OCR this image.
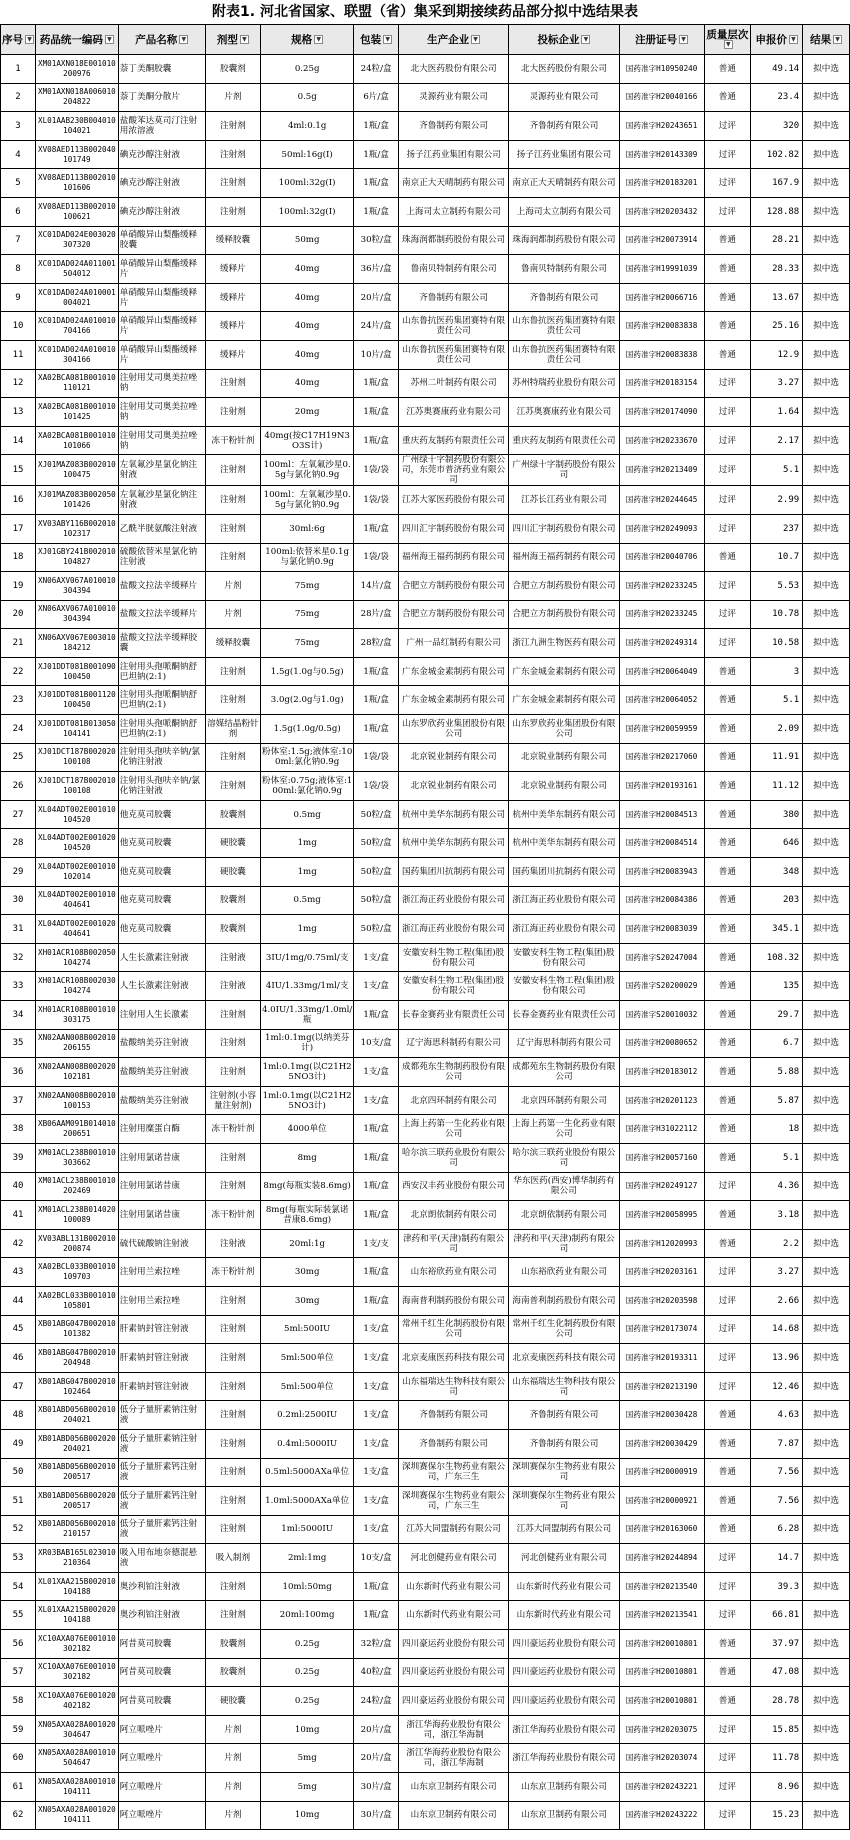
附表1. 河北省国家、联盟（省）集采到期接续药品部分拟中选结果表
序号 ▼	药品统一编码 ▼	产品名称 ▼	剂型 ▼	规格 ▼	包装 ▼	生产企业 ▼	投标企业 ▼	注册证号 ▼	质量层次▼	申报价 ▼	结果 ▼
1	XM01AXN018E001010200976	萘丁美酮胶囊	胶囊剂	0.25g	24粒/盒	北大医药股份有限公司	北大医药股份有限公司	国药准字H10950240	普通	49.14	拟中选
2	XM01AXN018A006010204822	萘丁美酮分散片	片剂	0.5g	6片/盒	灵源药业有限公司	灵源药业有限公司	国药准字H20040166	普通	23.4	拟中选
3	XL01AAB230B004010104021	盐酸苯达莫司汀注射用浓溶液	注射剂	4ml:0.1g	1瓶/盒	齐鲁制药有限公司	齐鲁制药有限公司	国药准字H20243651	过评	320	拟中选
4	XV08AED113B002040101749	碘克沙醇注射液	注射剂	50ml:16g(Ⅰ)	1瓶/盒	扬子江药业集团有限公司	扬子江药业集团有限公司	国药准字H20143309	过评	102.82	拟中选
5	XV08AED113B002010101606	碘克沙醇注射液	注射剂	100ml:32g(Ⅰ)	1瓶/盒	南京正大天晴制药有限公司	南京正大天晴制药有限公司	国药准字H20183201	过评	167.9	拟中选
6	XV08AED113B002010100621	碘克沙醇注射液	注射剂	100ml:32g(Ⅰ)	1瓶/盒	上海司太立制药有限公司	上海司太立制药有限公司	国药准字H20203432	过评	128.88	拟中选
7	XC01DAD024E003020307320	单硝酸异山梨酯缓释胶囊	缓释胶囊	50mg	30粒/盒	珠海润都制药股份有限公司	珠海润都制药股份有限公司	国药准字H20073914	普通	28.21	拟中选
8	XC01DAD024A011001504012	单硝酸异山梨酯缓释片	缓释片	40mg	36片/盒	鲁南贝特制药有限公司	鲁南贝特制药有限公司	国药准字H19991039	普通	28.33	拟中选
9	XC01DAD024A010001004021	单硝酸异山梨酯缓释片	缓释片	40mg	20片/盒	齐鲁制药有限公司	齐鲁制药有限公司	国药准字H20066716	普通	13.67	拟中选
10	XC01DAD024A010010704166	单硝酸异山梨酯缓释片	缓释片	40mg	24片/盒	山东鲁抗医药集团赛特有限责任公司	山东鲁抗医药集团赛特有限责任公司	国药准字H20083838	普通	25.16	拟中选
11	XC01DAD024A010010304166	单硝酸异山梨酯缓释片	缓释片	40mg	10片/盒	山东鲁抗医药集团赛特有限责任公司	山东鲁抗医药集团赛特有限责任公司	国药准字H20083838	普通	12.9	拟中选
12	XA02BCA081B001010110121	注射用艾司奥美拉唑钠	注射剂	40mg	1瓶/盒	苏州二叶制药有限公司	苏州特瑞药业股份有限公司	国药准字H20183154	过评	3.27	拟中选
13	XA02BCA081B001010101425	注射用艾司奥美拉唑钠	注射剂	20mg	1瓶/盒	江苏奥赛康药业有限公司	江苏奥赛康药业有限公司	国药准字H20174090	过评	1.64	拟中选
14	XA02BCA081B001010101066	注射用艾司奥美拉唑钠	冻干粉针剂	40mg(按C17H19N3O3S计)	1瓶/盒	重庆药友制药有限责任公司	重庆药友制药有限责任公司	国药准字H20233670	过评	2.17	拟中选
15	XJ01MAZ083B002010100475	左氧氟沙星氯化钠注射液	注射剂	100ml：左氧氟沙星0.5g与氯化钠0.9g	1袋/袋	广州绿十字制药股份有限公司，东莞市普济药业有限公司	广州绿十字制药股份有限公司	国药准字H20213409	过评	5.1	拟中选
16	XJ01MAZ083B002050101426	左氧氟沙星氯化钠注射液	注射剂	100ml：左氧氟沙星0.5g与氯化钠0.9g	1袋/袋	江苏大冢医药股份有限公司	江苏长江药业有限公司	国药准字H20244645	过评	2.99	拟中选
17	XV03ABY116B002010102317	乙酰半胱氨酸注射液	注射剂	30ml:6g	1瓶/盒	四川汇宇制药股份有限公司	四川汇宇制药股份有限公司	国药准字H20249093	过评	237	拟中选
18	XJ01GBY241B002010104827	硫酸依替米星氯化钠注射液	注射剂	100ml:依替米星0.1g与氯化钠0.9g	1袋/袋	福州海王福药制药有限公司	福州海王福药制药有限公司	国药准字H20040706	普通	10.7	拟中选
19	XN06AXV067A010010304394	盐酸文拉法辛缓释片	片剂	75mg	14片/盒	合肥立方制药股份有限公司	合肥立方制药股份有限公司	国药准字H20233245	过评	5.53	拟中选
20	XN06AXV067A010010304394	盐酸文拉法辛缓释片	片剂	75mg	28片/盒	合肥立方制药股份有限公司	合肥立方制药股份有限公司	国药准字H20233245	过评	10.78	拟中选
21	XN06AXV067E003010184212	盐酸文拉法辛缓释胶囊	缓释胶囊	75mg	28粒/盒	广州一品红制药有限公司	浙江九洲生物医药有限公司	国药准字H20249314	过评	10.58	拟中选
22	XJ01DDT081B001090100450	注射用头孢哌酮钠舒巴坦钠(2:1)	注射剂	1.5g(1.0g与0.5g)	1瓶/盒	广东金城金素制药有限公司	广东金城金素制药有限公司	国药准字H20064049	普通	3	拟中选
23	XJ01DDT081B001120100450	注射用头孢哌酮钠舒巴坦钠(2:1)	注射剂	3.0g(2.0g与1.0g)	1瓶/盒	广东金城金素制药有限公司	广东金城金素制药有限公司	国药准字H20064052	普通	5.1	拟中选
24	XJ01DDT081B013050104141	注射用头孢哌酮钠舒巴坦钠(2:1)	溶媒结晶粉针剂	1.5g(1.0g/0.5g)	1瓶/盒	山东罗欣药业集团股份有限公司	山东罗欣药业集团股份有限公司	国药准字H20059959	普通	2.09	拟中选
25	XJ01DCT187B002020100108	注射用头孢呋辛钠/氯化钠注射液	注射剂	粉体室:1.5g;液体室:100ml:氯化钠0.9g	1袋/袋	北京锐业制药有限公司	北京锐业制药有限公司	国药准字H20217060	普通	11.91	拟中选
26	XJ01DCT187B002010100108	注射用头孢呋辛钠/氯化钠注射液	注射剂	粉体室:0.75g;液体室:100ml:氯化钠0.9g	1袋/袋	北京锐业制药有限公司	北京锐业制药有限公司	国药准字H20193161	普通	11.12	拟中选
27	XL04ADT002E001010104520	他克莫司胶囊	胶囊剂	0.5mg	50粒/盒	杭州中美华东制药有限公司	杭州中美华东制药有限公司	国药准字H20084513	普通	380	拟中选
28	XL04ADT002E001020104520	他克莫司胶囊	硬胶囊	1mg	50粒/盒	杭州中美华东制药有限公司	杭州中美华东制药有限公司	国药准字H20084514	普通	646	拟中选
29	XL04ADT002E001010102014	他克莫司胶囊	硬胶囊	1mg	50粒/盒	国药集团川抗制药有限公司	国药集团川抗制药有限公司	国药准字H20083943	普通	348	拟中选
30	XL04ADT002E001010404641	他克莫司胶囊	胶囊剂	0.5mg	50粒/盒	浙江海正药业股份有限公司	浙江海正药业股份有限公司	国药准字H20084386	普通	203	拟中选
31	XL04ADT002E001020404641	他克莫司胶囊	胶囊剂	1mg	50粒/盒	浙江海正药业股份有限公司	浙江海正药业股份有限公司	国药准字H20083039	普通	345.1	拟中选
32	XH01ACR108B002050104274	人生长激素注射液	注射液	3IU/1mg/0.75ml/支	1支/盒	安徽安科生物工程(集团)股份有限公司	安徽安科生物工程(集团)股份有限公司	国药准字S20247004	普通	108.32	拟中选
33	XH01ACR108B002030104274	人生长激素注射液	注射液	4IU/1.33mg/1ml/支	1支/盒	安徽安科生物工程(集团)股份有限公司	安徽安科生物工程(集团)股份有限公司	国药准字S20200029	普通	135	拟中选
34	XH01ACR108B001010303175	注射用人生长激素	注射剂	4.0IU/1.33mg/1.0ml/瓶	1瓶/盒	长春金赛药业有限责任公司	长春金赛药业有限责任公司	国药准字S20010032	普通	29.7	拟中选
35	XN02AAN008B002010206155	盐酸纳美芬注射液	注射剂	1ml:0.1mg(以纳美芬计)	10支/盒	辽宁海思科制药有限公司	辽宁海思科制药有限公司	国药准字H20080652	普通	6.7	拟中选
36	XN02AAN008B002020102181	盐酸纳美芬注射液	注射剂	1ml:0.1mg(以C21H25NO3计)	1支/盒	成都苑东生物制药股份有限公司	成都苑东生物制药股份有限公司	国药准字H20183012	普通	5.88	拟中选
37	XN02AAN008B002010100153	盐酸纳美芬注射液	注射剂(小容量注射剂)	1ml:0.1mg(以C21H25NO3计)	1支/盒	北京四环制药有限公司	北京四环制药有限公司	国药准字H20201123	普通	5.87	拟中选
38	XB06AAM091B014010200651	注射用糜蛋白酶	冻干粉针剂	4000单位	1瓶/盒	上海上药第一生化药业有限公司	上海上药第一生化药业有限公司	国药准字H31022112	普通	18	拟中选
39	XM01ACL238B001010303662	注射用氯诺昔康	注射剂	8mg	1瓶/盒	哈尔滨三联药业股份有限公司	哈尔滨三联药业股份有限公司	国药准字H20057160	普通	5.1	拟中选
40	XM01ACL238B001010202469	注射用氯诺昔康	注射剂	8mg(每瓶实装8.6mg)	1瓶/盒	西安汉丰药业股份有限公司	华东医药(西安)博华制药有限公司	国药准字H20249127	过评	4.36	拟中选
41	XM01ACL238B014020100089	注射用氯诺昔康	冻干粉针剂	8mg(每瓶实际装氯诺昔康8.6mg)	1瓶/盒	北京朗依制药有限公司	北京朗依制药有限公司	国药准字H20058995	普通	3.18	拟中选
42	XV03ABL131B002010200874	硫代硫酸钠注射液	注射液	20ml:1g	1支/支	津药和平(天津)制药有限公司	津药和平(天津)制药有限公司	国药准字H12020993	普通	2.2	拟中选
43	XA02BCL033B001010109703	注射用兰索拉唑	冻干粉针剂	30mg	1瓶/盒	山东裕欣药业有限公司	山东裕欣药业有限公司	国药准字H20203161	过评	3.27	拟中选
44	XA02BCL033B001010105801	注射用兰索拉唑	注射剂	30mg	1瓶/盒	海南普利制药股份有限公司	海南普利制药股份有限公司	国药准字H20203598	过评	2.66	拟中选
45	XB01ABG047B002010101382	肝素钠封管注射液	注射剂	5ml:500IU	1支/盒	常州千红生化制药股份有限公司	常州千红生化制药股份有限公司	国药准字H20173074	过评	14.68	拟中选
46	XB01ABG047B002010204948	肝素钠封管注射液	注射剂	5ml:500单位	1支/盒	北京麦康医药科技有限公司	北京麦康医药科技有限公司	国药准字H20193311	过评	13.96	拟中选
47	XB01ABG047B002010102464	肝素钠封管注射液	注射剂	5ml:500单位	1支/盒	山东福瑞达生物科技有限公司	山东福瑞达生物科技有限公司	国药准字H20213190	过评	12.46	拟中选
48	XB01ABD056B002010204021	低分子量肝素钠注射液	注射剂	0.2ml:2500IU	1支/盒	齐鲁制药有限公司	齐鲁制药有限公司	国药准字H20030428	普通	4.63	拟中选
49	XB01ABD056B002020204021	低分子量肝素钠注射液	注射剂	0.4ml:5000IU	1支/盒	齐鲁制药有限公司	齐鲁制药有限公司	国药准字H20030429	普通	7.87	拟中选
50	XB01ABD056B002010200517	低分子量肝素钙注射液	注射剂	0.5ml:5000AXa单位	1支/盒	深圳赛保尔生物药业有限公司，广东三生	深圳赛保尔生物药业有限公司	国药准字H20000919	普通	7.56	拟中选
51	XB01ABD056B002020200517	低分子量肝素钙注射液	注射剂	1.0ml:5000AXa单位	1支/盒	深圳赛保尔生物药业有限公司，广东三生	深圳赛保尔生物药业有限公司	国药准字H20000921	普通	7.56	拟中选
52	XB01ABD056B002010210157	低分子量肝素钙注射液	注射剂	1ml:5000IU	1支/盒	江苏大同盟制药有限公司	江苏大同盟制药有限公司	国药准字H20163060	普通	6.28	拟中选
53	XR03BAB165L023010210364	吸入用布地奈德混悬液	吸入制剂	2ml:1mg	10支/盒	河北创健药业有限公司	河北创健药业有限公司	国药准字H20244894	过评	14.7	拟中选
54	XL01XAA215B002010104188	奥沙利铂注射液	注射剂	10ml:50mg	1瓶/盒	山东新时代药业有限公司	山东新时代药业有限公司	国药准字H20213540	过评	39.3	拟中选
55	XL01XAA215B002020104188	奥沙利铂注射液	注射剂	20ml:100mg	1瓶/盒	山东新时代药业有限公司	山东新时代药业有限公司	国药准字H20213541	过评	66.81	拟中选
56	XC10AXA076E001010302182	阿昔莫司胶囊	胶囊剂	0.25g	32粒/盒	四川豪运药业股份有限公司	四川豪运药业股份有限公司	国药准字H20010801	普通	37.97	拟中选
57	XC10AXA076E001010302182	阿昔莫司胶囊	胶囊剂	0.25g	40粒/盒	四川豪运药业股份有限公司	四川豪运药业股份有限公司	国药准字H20010801	普通	47.08	拟中选
58	XC10AXA076E001020402182	阿昔莫司胶囊	硬胶囊	0.25g	24粒/盒	四川豪运药业股份有限公司	四川豪运药业股份有限公司	国药准字H20010801	普通	28.78	拟中选
59	XN05AXA028A001020304647	阿立哌唑片	片剂	10mg	20片/盒	浙江华海药业股份有限公司，浙江华海制	浙江华海药业股份有限公司	国药准字H20203075	过评	15.85	拟中选
60	XN05AXA028A001010504647	阿立哌唑片	片剂	5mg	20片/盒	浙江华海药业股份有限公司，浙江华海制	浙江华海药业股份有限公司	国药准字H20203074	过评	11.78	拟中选
61	XN05AXA028A001010104111	阿立哌唑片	片剂	5mg	30片/盒	山东京卫制药有限公司	山东京卫制药有限公司	国药准字H20243221	过评	8.96	拟中选
62	XN05AXA028A001020104111	阿立哌唑片	片剂	10mg	30片/盒	山东京卫制药有限公司	山东京卫制药有限公司	国药准字H20243222	过评	15.23	拟中选
